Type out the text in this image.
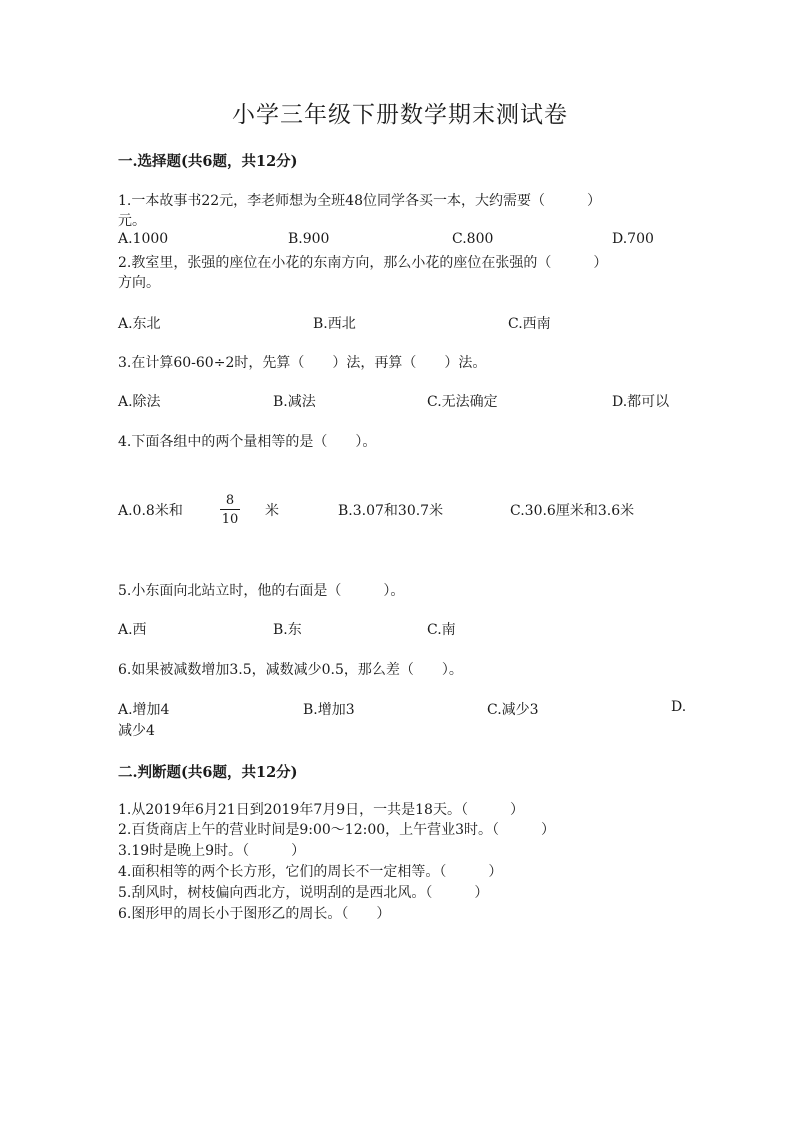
小学三年级下册数学期末测试卷
一.选择题(共6题，共12分)
1.一本故事书22元，李老师想为全班48位同学各买一本，大约需要（　　　）
元。
A.1000	B.900	C.800	D.700
2.教室里，张强的座位在小花的东南方向，那么小花的座位在张强的（　　　）
方向。
A.东北	B.西北	C.西南
3.在计算60-60÷2时，先算（　　）法，再算（　　）法。
A.除法	B.减法	C.无法确定	D.都可以
4.下面各组中的两个量相等的是（　　）。
A.0.8米和
8
10
米	B.3.07和30.7米	C.30.6厘米和3.6米
5.小东面向北站立时，他的右面是（　　　）。
A.西	B.东	C.南
6.如果被减数增加3.5，减数减少0.5，那么差（　　）。
A.增加4	B.增加3	C.减少3	D.
减少4
二.判断题(共6题，共12分)
1.从2019年6月21日到2019年7月9日，一共是18天。（　　　）
2.百货商店上午的营业时间是9:00～12:00，上午营业3时。（　　　）
3.19时是晚上9时。（　　　）
4.面积相等的两个长方形，它们的周长不一定相等。（　　　）
5.刮风时，树枝偏向西北方，说明刮的是西北风。（　　　）
6.图形甲的周长小于图形乙的周长。（　　）
